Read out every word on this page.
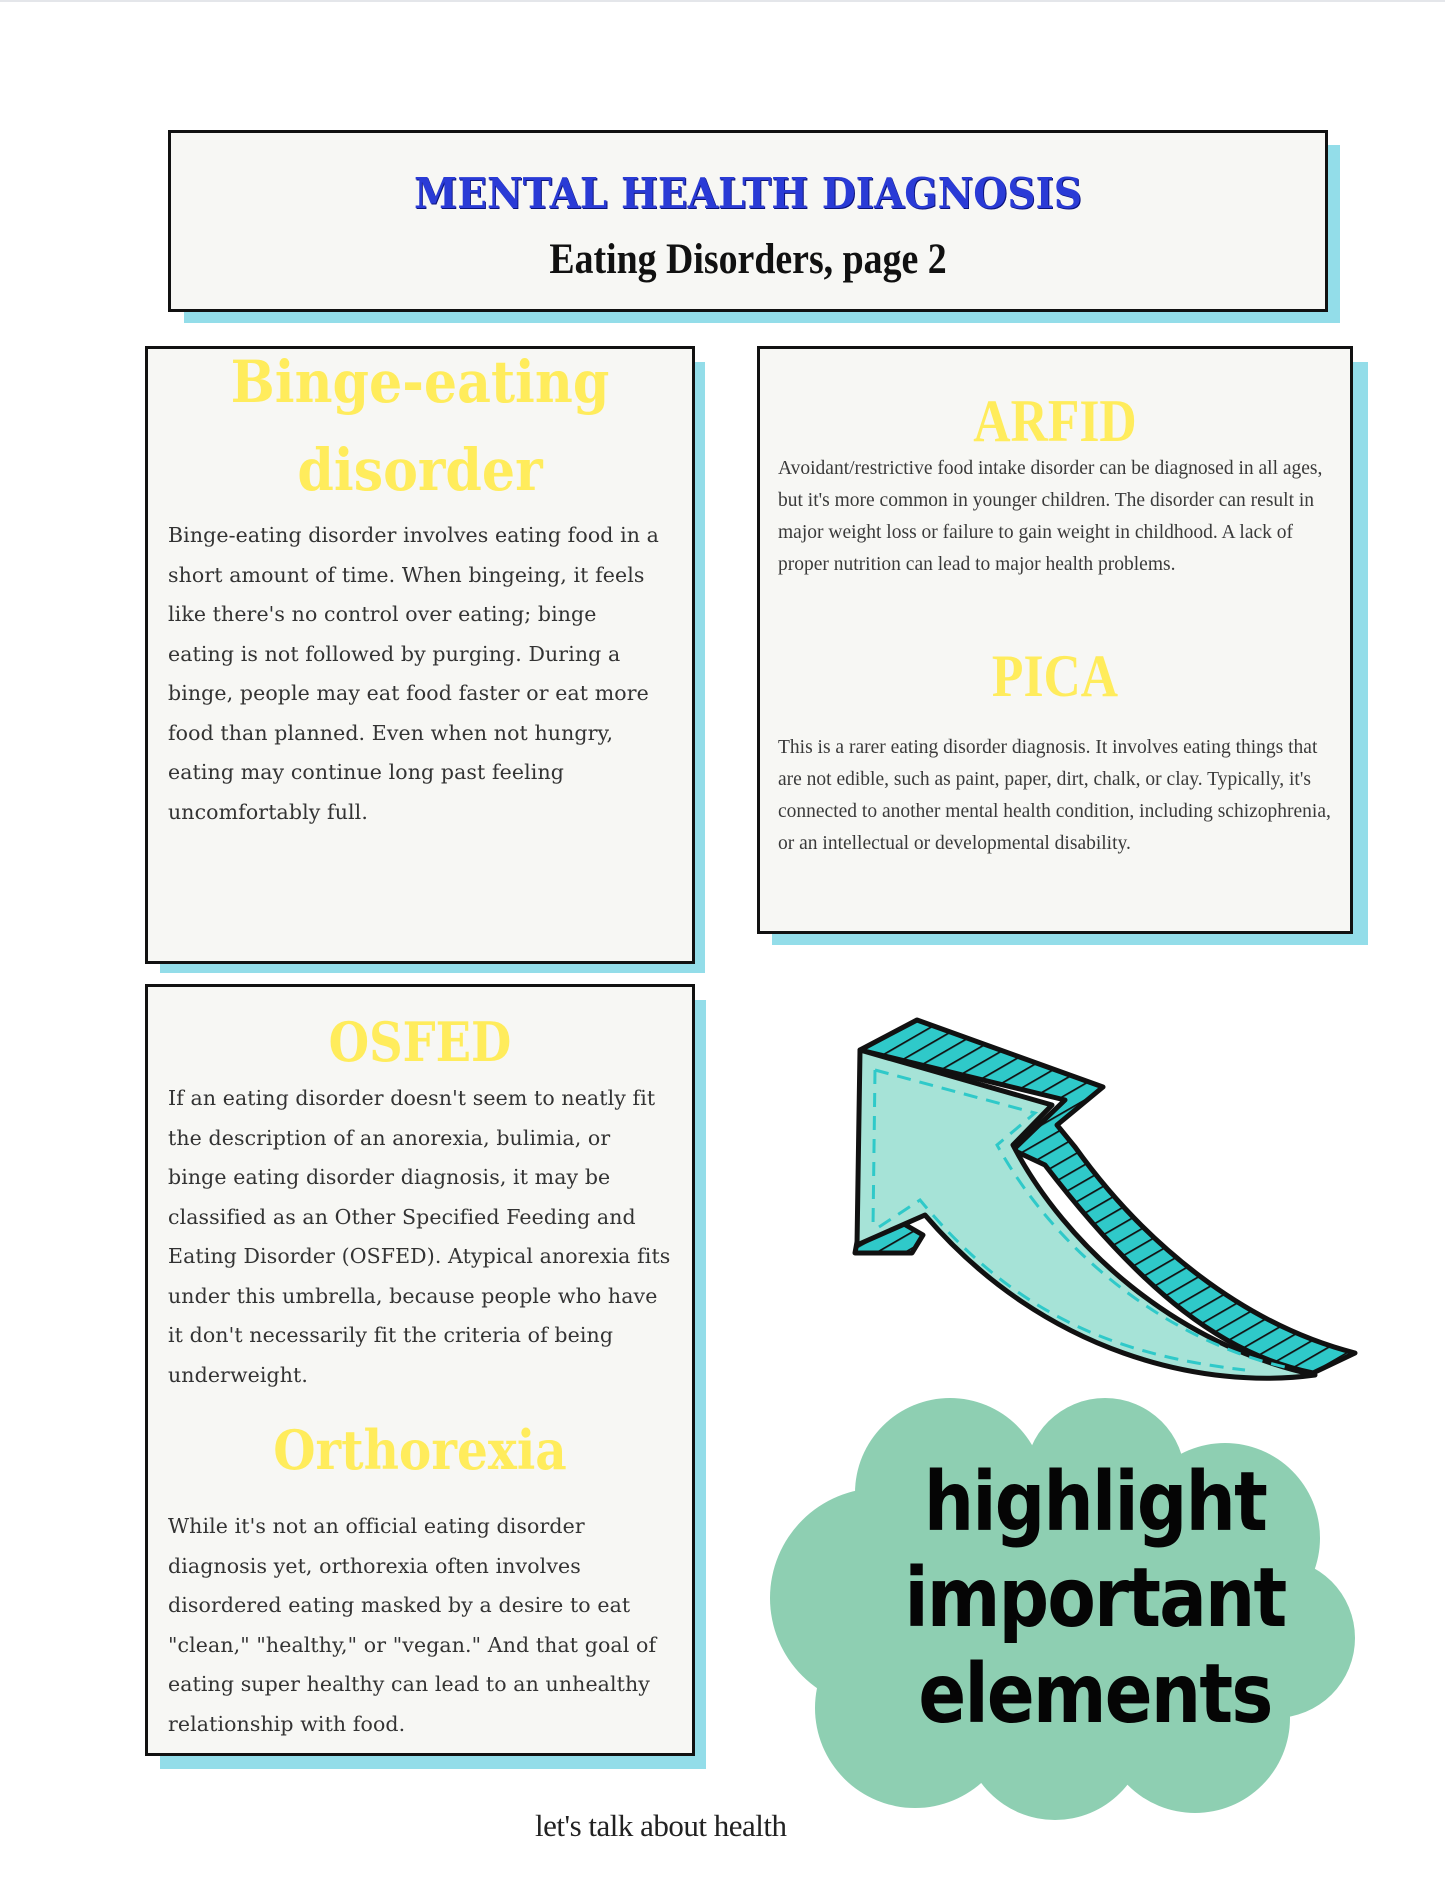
MENTAL HEALTH DIAGNOSIS
Eating Disorders, page 2
Binge-eating
disorder
Binge-eating disorder involves eating food in a short amount of time. When bingeing, it feels like there's no control over eating; binge eating is not followed by purging. During a binge, people may eat food faster or eat more food than planned. Even when not hungry, eating may continue long past feeling uncomfortably full.
ARFID
Avoidant/restrictive food intake disorder can be diagnosed in all ages, but it's more common in younger children. The disorder can result in major weight loss or failure to gain weight in childhood. A lack of proper nutrition can lead to major health problems.
PICA
This is a rarer eating disorder diagnosis. It involves eating things that are not edible, such as paint, paper, dirt, chalk, or clay. Typically, it's connected to another mental health condition, including schizophrenia, or an intellectual or developmental disability.
OSFED
If an eating disorder doesn't seem to neatly fit the description of an anorexia, bulimia, or binge eating disorder diagnosis, it may be classified as an Other Specified Feeding and Eating Disorder (OSFED). Atypical anorexia fits under this umbrella, because people who have it don't necessarily fit the criteria of being underweight.
Orthorexia
While it's not an official eating disorder diagnosis yet, orthorexia often involves disordered eating masked by a desire to eat "clean," "healthy," or "vegan." And that goal of eating super healthy can lead to an unhealthy relationship with food.
highlight
important
elements
let's talk about health
